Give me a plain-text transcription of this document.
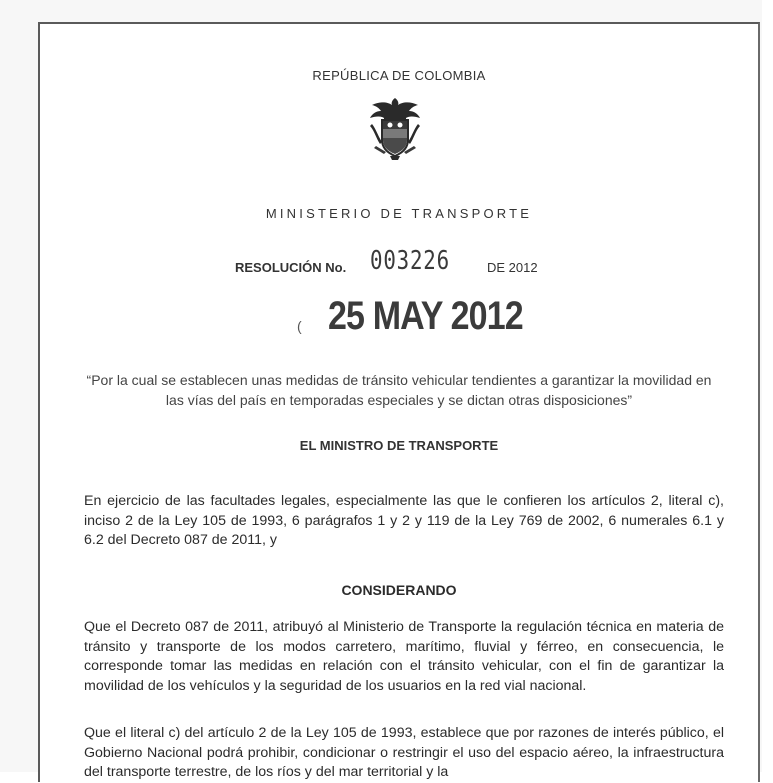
REPÚBLICA DE COLOMBIA
MINISTERIO DE TRANSPORTE
RESOLUCIÓN No. 003226	DE 2012
( 25 MAY 2012
“Por la cual se establecen unas medidas de tránsito vehicular tendientes a garantizar la movilidad en las vías del país en temporadas especiales y se dictan otras disposiciones”
EL MINISTRO DE TRANSPORTE
En ejercicio de las facultades legales, especialmente las que le confieren los artículos 2, literal c), inciso 2 de la Ley 105 de 1993, 6 parágrafos 1 y 2 y 119 de la Ley 769 de 2002, 6 numerales 6.1 y 6.2 del Decreto 087 de 2011, y
CONSIDERANDO
Que el Decreto 087 de 2011, atribuyó al Ministerio de Transporte la regulación técnica en materia de tránsito y transporte de los modos carretero, marítimo, fluvial y férreo, en consecuencia, le corresponde tomar las medidas en relación con el tránsito vehicular, con el fin de garantizar la movilidad de los vehículos y la seguridad de los usuarios en la red vial nacional.
Que el literal c) del artículo 2 de la Ley 105 de 1993, establece que por razones de interés público, el Gobierno Nacional podrá prohibir, condicionar o restringir el uso del espacio aéreo, la infraestructura del transporte terrestre, de los ríos y del mar territorial y la
